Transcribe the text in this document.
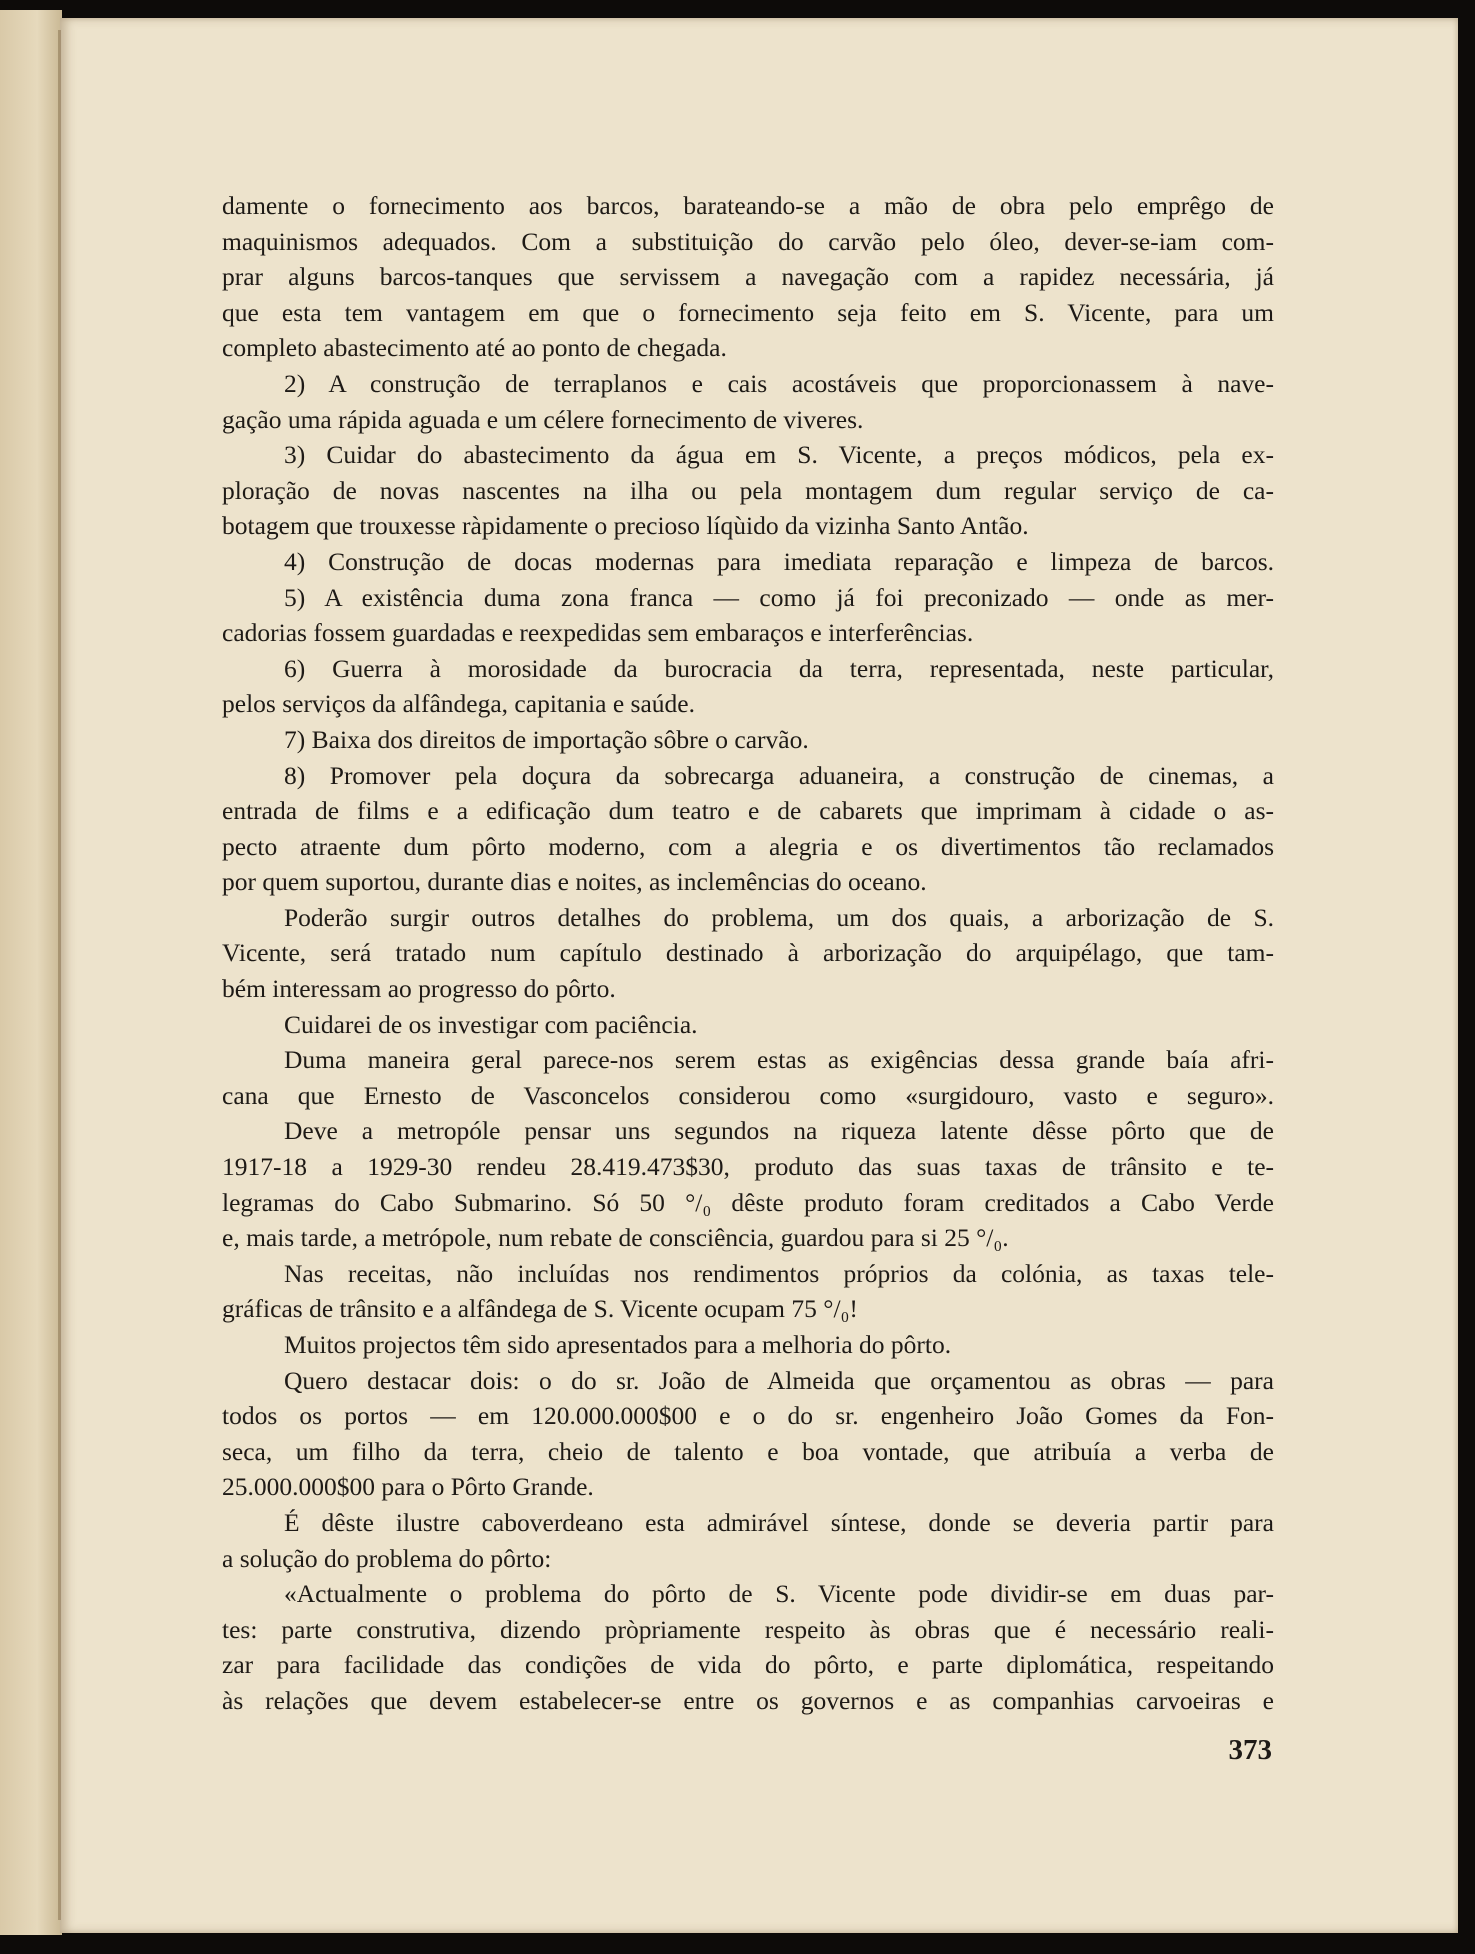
damente o fornecimento aos barcos, barateando-se a mão de obra pelo emprêgo de
maquinismos adequados. Com a substituição do carvão pelo óleo, dever-se-iam com-
prar alguns barcos-tanques que servissem a navegação com a rapidez necessária, já
que esta tem vantagem em que o fornecimento seja feito em S. Vicente, para um
completo abastecimento até ao ponto de chegada.
2) A construção de terraplanos e cais acostáveis que proporcionassem à nave-
gação uma rápida aguada e um célere fornecimento de viveres.
3) Cuidar do abastecimento da água em S. Vicente, a preços módicos, pela ex-
ploração de novas nascentes na ilha ou pela montagem dum regular serviço de ca-
botagem que trouxesse ràpidamente o precioso líqùido da vizinha Santo Antão.
4) Construção de docas modernas para imediata reparação e limpeza de barcos.
5) A existência duma zona franca — como já foi preconizado — onde as mer-
cadorias fossem guardadas e reexpedidas sem embaraços e interferências.
6) Guerra à morosidade da burocracia da terra, representada, neste particular,
pelos serviços da alfândega, capitania e saúde.
7) Baixa dos direitos de importação sôbre o carvão.
8) Promover pela doçura da sobrecarga aduaneira, a construção de cinemas, a
entrada de films e a edificação dum teatro e de cabarets que imprimam à cidade o as-
pecto atraente dum pôrto moderno, com a alegria e os divertimentos tão reclamados
por quem suportou, durante dias e noites, as inclemências do oceano.
Poderão surgir outros detalhes do problema, um dos quais, a arborização de S.
Vicente, será tratado num capítulo destinado à arborização do arquipélago, que tam-
bém interessam ao progresso do pôrto.
Cuidarei de os investigar com paciência.
Duma maneira geral parece-nos serem estas as exigências dessa grande baía afri-
cana que Ernesto de Vasconcelos considerou como «surgidouro, vasto e seguro».
Deve a metropóle pensar uns segundos na riqueza latente dêsse pôrto que de
1917-18 a 1929-30 rendeu 28.419.473$30, produto das suas taxas de trânsito e te-
legramas do Cabo Submarino. Só 50 °/₀ dêste produto foram creditados a Cabo Verde
e, mais tarde, a metrópole, num rebate de consciência, guardou para si 25 °/₀.
Nas receitas, não incluídas nos rendimentos próprios da colónia, as taxas tele-
gráficas de trânsito e a alfândega de S. Vicente ocupam 75 °/₀!
Muitos projectos têm sido apresentados para a melhoria do pôrto.
Quero destacar dois: o do sr. João de Almeida que orçamentou as obras — para
todos os portos — em 120.000.000$00 e o do sr. engenheiro João Gomes da Fon-
seca, um filho da terra, cheio de talento e boa vontade, que atribuía a verba de
25.000.000$00 para o Pôrto Grande.
É dêste ilustre caboverdeano esta admirável síntese, donde se deveria partir para
a solução do problema do pôrto:
«Actualmente o problema do pôrto de S. Vicente pode dividir-se em duas par-
tes: parte construtiva, dizendo pròpriamente respeito às obras que é necessário reali-
zar para facilidade das condições de vida do pôrto, e parte diplomática, respeitando
às relações que devem estabelecer-se entre os governos e as companhias carvoeiras e
373
